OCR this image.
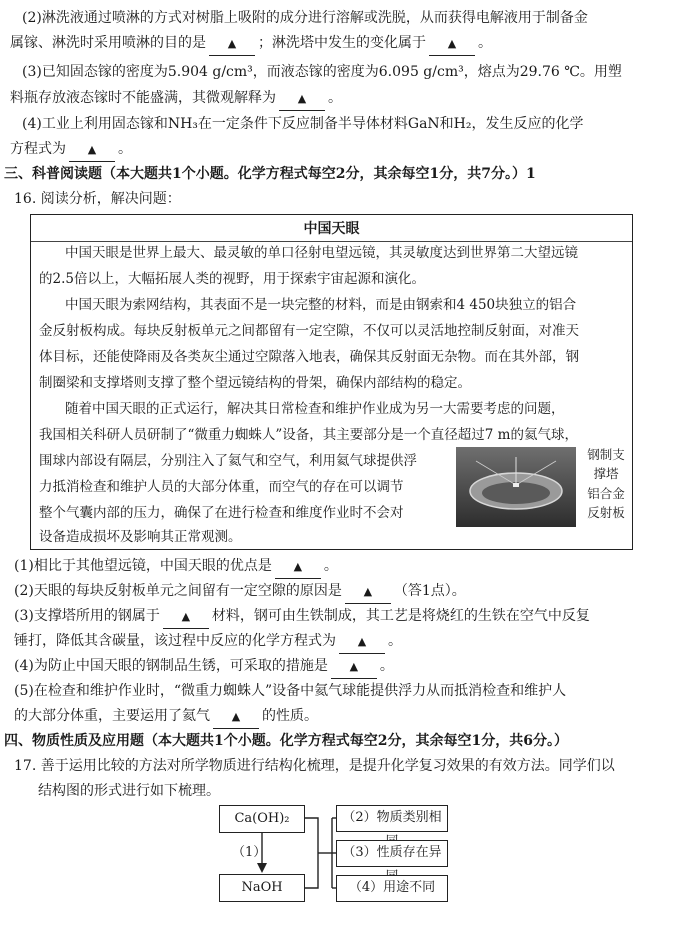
(2)淋洗液通过喷淋的方式对树脂上吸附的成分进行溶解或洗脱，从而获得电解液用于制备金
属镓、淋洗时采用喷淋的目的是 ▲ ；淋洗塔中发生的变化属于 ▲ 。
(3)已知固态镓的密度为5.904 g/cm³，而液态镓的密度为6.095 g/cm³，熔点为29.76 ℃。用塑
料瓶存放液态镓时不能盛满，其微观解释为 ▲ 。
(4)工业上利用固态镓和NH₃在一定条件下反应制备半导体材料GaN和H₂，发生反应的化学
方程式为 ▲ 。
三、科普阅读题（本大题共1个小题。化学方程式每空2分，其余每空1分，共7分。）1
16. 阅读分析，解决问题：
中国天眼
中国天眼是世界上最大、最灵敏的单口径射电望远镜，其灵敏度达到世界第二大望远镜
的2.5倍以上，大幅拓展人类的视野，用于探索宇宙起源和演化。
中国天眼为索网结构，其表面不是一块完整的材料，而是由钢索和4 450块独立的铝合
金反射板构成。每块反射板单元之间都留有一定空隙，不仅可以灵活地控制反射面，对准天
体目标，还能使降雨及各类灰尘通过空隙落入地表，确保其反射面无杂物。而在其外部，钢
制圈梁和支撑塔则支撑了整个望远镜结构的骨架，确保内部结构的稳定。
随着中国天眼的正式运行，解决其日常检查和维护作业成为另一大需要考虑的问题，
我国相关科研人员研制了“微重力蜘蛛人”设备，其主要部分是一个直径超过7 m的氦气球，
围球内部设有隔层，分别注入了氦气和空气，利用氦气球提供浮
力抵消检查和维护人员的大部分体重，而空气的存在可以调节
整个气囊内部的压力，确保了在进行检查和维度作业时不会对
设备造成损坏及影响其正常观测。
钢制支
撑塔
铝合金
反射板
(1)相比于其他望远镜，中国天眼的优点是 ▲ 。
(2)天眼的每块反射板单元之间留有一定空隙的原因是 ▲ （答1点）。
(3)支撑塔所用的钢属于 ▲ 材料，钢可由生铁制成，其工艺是将烧红的生铁在空气中反复
锤打，降低其含碳量，该过程中反应的化学方程式为 ▲ 。
(4)为防止中国天眼的钢制品生锈，可采取的措施是 ▲ 。
(5)在检查和维护作业时，“微重力蜘蛛人”设备中氦气球能提供浮力从而抵消检查和维护人
的大部分体重，主要运用了氦气 ▲ 的性质。
四、物质性质及应用题（本大题共1个小题。化学方程式每空2分，其余每空1分，共6分。）
17. 善于运用比较的方法对所学物质进行结构化梳理，是提升化学复习效果的有效方法。同学们以
结构图的形式进行如下梳理。
Ca(OH)₂
（1）
NaOH
（2）物质类别相
（3）性质存在异
（4）用途不同
